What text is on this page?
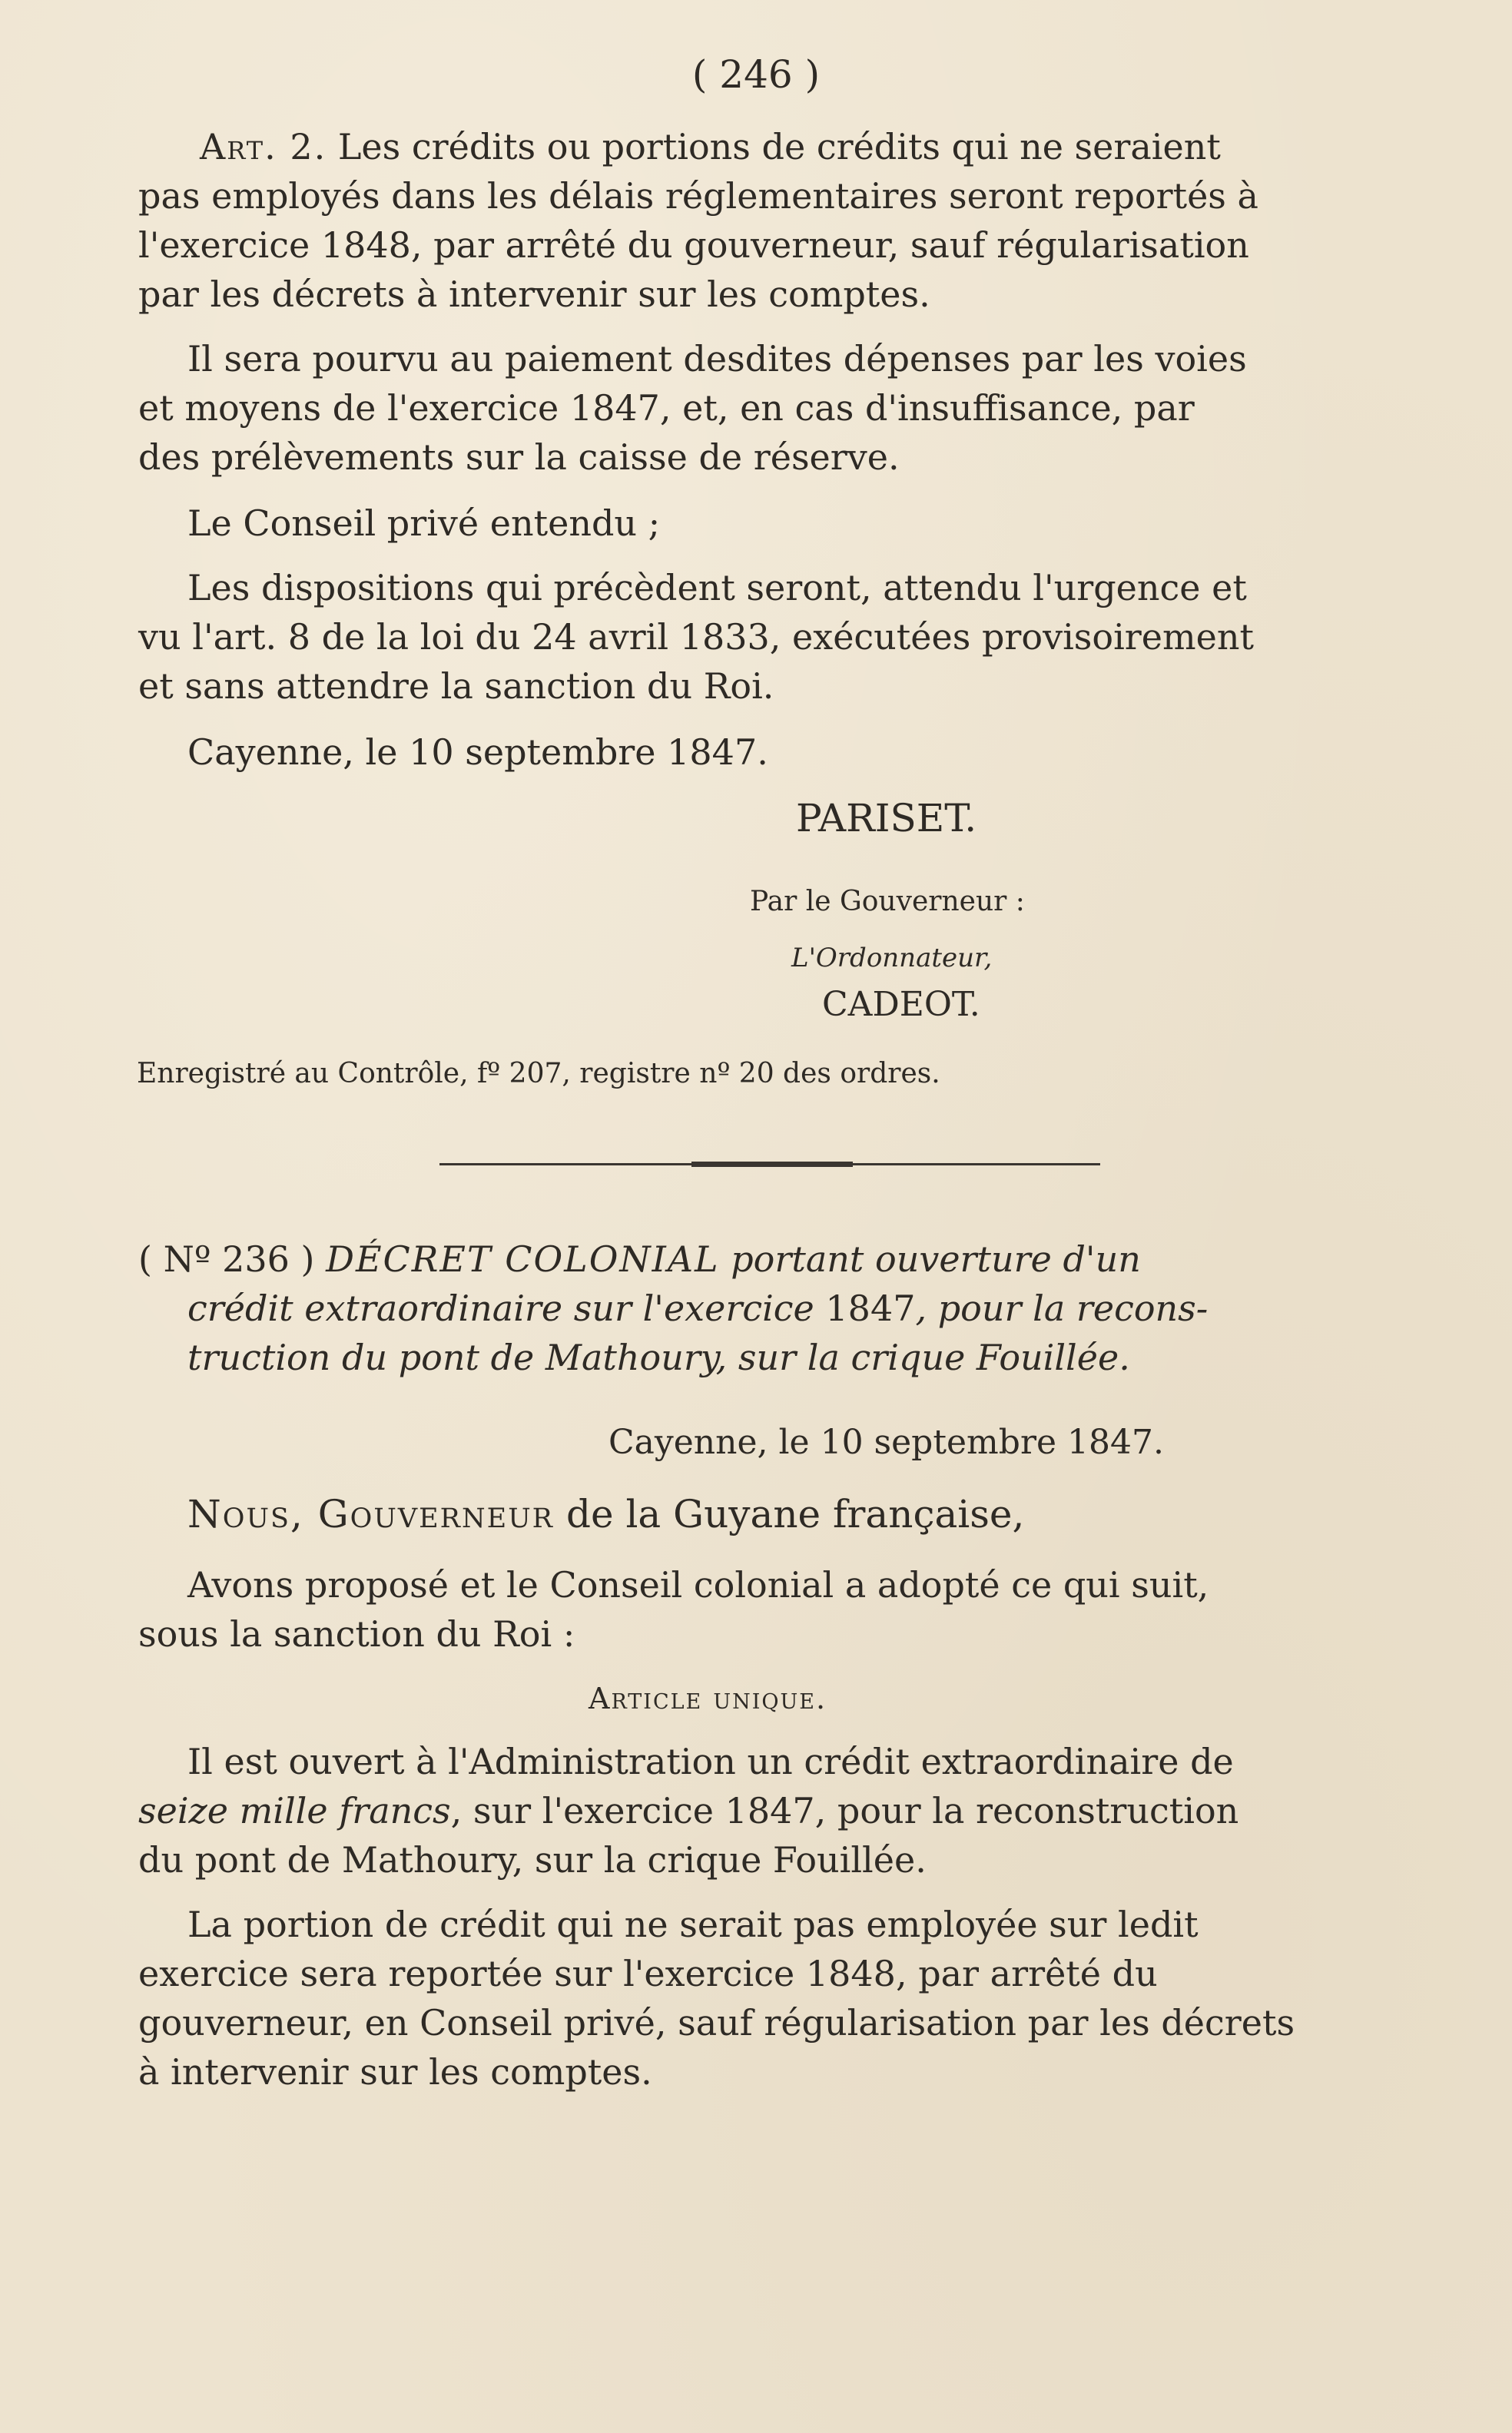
( 246 )
Art. 2. Les crédits ou portions de crédits qui ne seraient
pas employés dans les délais réglementaires seront reportés à
l'exercice 1848, par arrêté du gouverneur, sauf régularisation
par les décrets à intervenir sur les comptes.
Il sera pourvu au paiement desdites dépenses par les voies
et moyens de l'exercice 1847, et, en cas d'insuffisance, par
des prélèvements sur la caisse de réserve.
Le Conseil privé entendu ;
Les dispositions qui précèdent seront, attendu l'urgence et
vu l'art. 8 de la loi du 24 avril 1833, exécutées provisoirement
et sans attendre la sanction du Roi.
Cayenne, le 10 septembre 1847.
PARISET.
Par le Gouverneur :
L'Ordonnateur,
CADEOT.
Enregistré au Contrôle, fº 207, registre nº 20 des ordres.
( Nº 236 ) DÉCRET COLONIAL portant ouverture d'un
crédit extraordinaire sur l'exercice 1847, pour la recons-
truction du pont de Mathoury, sur la crique Fouillée.
Cayenne, le 10 septembre 1847.
Nous, Gouverneur de la Guyane française,
Avons proposé et le Conseil colonial a adopté ce qui suit,
sous la sanction du Roi :
Article unique.
Il est ouvert à l'Administration un crédit extraordinaire de
seize mille francs, sur l'exercice 1847, pour la reconstruction
du pont de Mathoury, sur la crique Fouillée.
La portion de crédit qui ne serait pas employée sur ledit
exercice sera reportée sur l'exercice 1848, par arrêté du
gouverneur, en Conseil privé, sauf régularisation par les décrets
à intervenir sur les comptes.
